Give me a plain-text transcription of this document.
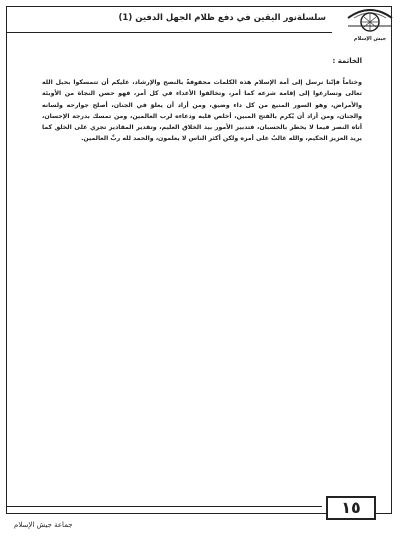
سلسلةنور اليقين في دفع ظلام الجهل الدفين (1)
جيش الإسلام
الخاتمة :

وختاماً فإنّنا نرسل إلى أمة الإسلام هذه الكلمات محفوفةً بالنصح والإرشاد، عليكم أن تتمسكوا بحبل الله تعالى وتسارعوا إلى إقامة شرعه كما أمر، وتخالفوا الأعداء في كل أمر، فهو حصن النجاة من الأوبئة والأمراض، وهو السور المنيع من كل داء وضيق، ومن أراد أن يعلوَ في الجنان، أصلح جوارحه ولسانه والجنان، ومن أراد أن يُكرم بالفتح المبين، أخلص قلبه ودعاءه لرب العالمين، ومن تمسك بدرجة الإحسان، أتاه النصر فيما لا يخطر بالحسبان، فتدبير الأمور بيد الخلاق العليم، وتقدير المقادير تجري على الخلق كما يريد العزيز الحكيم، والله غالبٌ على أمره ولكن أكثر الناس لا يعلمون، والحمد لله ربِّ العالمين.

١٥
جماعة جيش الإسلام
